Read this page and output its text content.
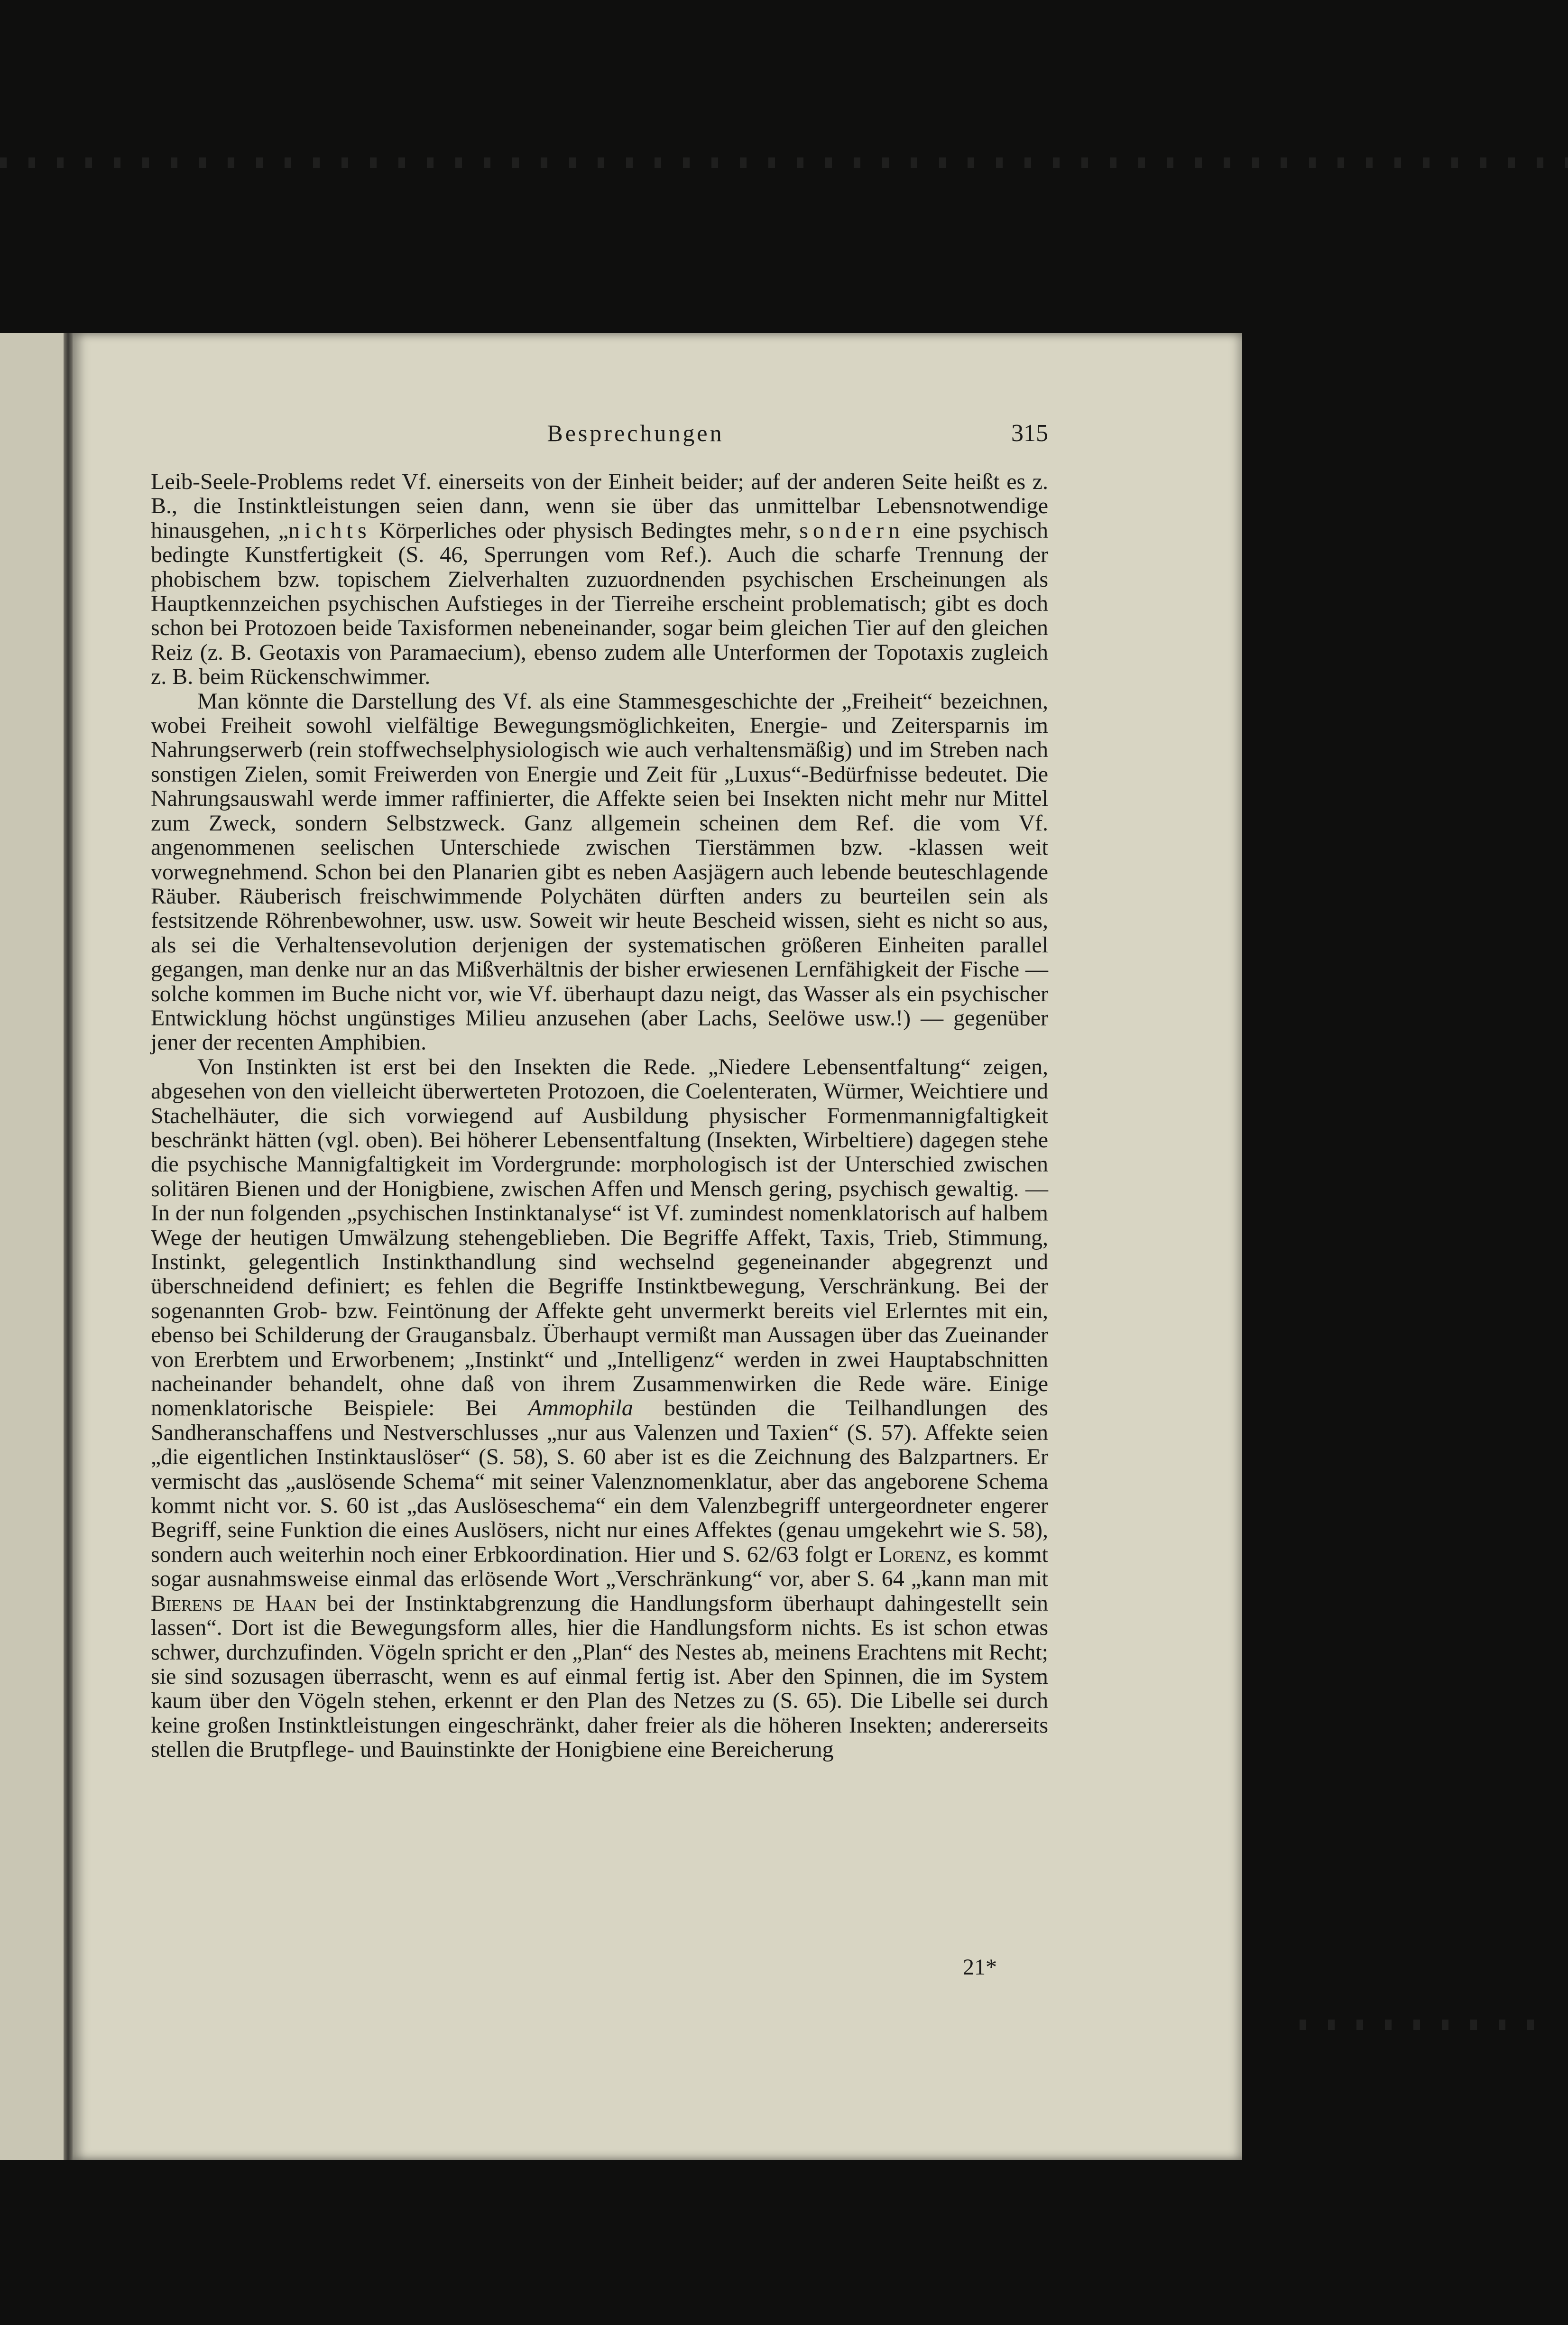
Besprechungen	315

Leib-Seele-Problems redet Vf. einerseits von der Einheit beider; auf der anderen Seite heißt es z. B., die Instinktleistungen seien dann, wenn sie über das unmittelbar Lebensnotwendige hinausgehen, „nichts Körperliches oder physisch Bedingtes mehr, sondern eine psychisch bedingte Kunstfertigkeit (S. 46, Sperrungen vom Ref.). Auch die scharfe Trennung der phobischem bzw. topischem Zielverhalten zuzuordnenden psychischen Erscheinungen als Hauptkennzeichen psychischen Aufstieges in der Tierreihe erscheint problematisch; gibt es doch schon bei Protozoen beide Taxisformen nebeneinander, sogar beim gleichen Tier auf den gleichen Reiz (z. B. Geotaxis von Paramaecium), ebenso zudem alle Unterformen der Topotaxis zugleich z. B. beim Rückenschwimmer.

Man könnte die Darstellung des Vf. als eine Stammesgeschichte der „Freiheit“ bezeichnen, wobei Freiheit sowohl vielfältige Bewegungsmöglichkeiten, Energie- und Zeitersparnis im Nahrungserwerb (rein stoffwechselphysiologisch wie auch verhaltensmäßig) und im Streben nach sonstigen Zielen, somit Freiwerden von Energie und Zeit für „Luxus“-Bedürfnisse bedeutet. Die Nahrungsauswahl werde immer raffinierter, die Affekte seien bei Insekten nicht mehr nur Mittel zum Zweck, sondern Selbstzweck. Ganz allgemein scheinen dem Ref. die vom Vf. angenommenen seelischen Unterschiede zwischen Tierstämmen bzw. -klassen weit vorwegnehmend. Schon bei den Planarien gibt es neben Aasjägern auch lebende beuteschlagende Räuber. Räuberisch freischwimmende Polychäten dürften anders zu beurteilen sein als festsitzende Röhrenbewohner, usw. usw. Soweit wir heute Bescheid wissen, sieht es nicht so aus, als sei die Verhaltensevolution derjenigen der systematischen größeren Einheiten parallel gegangen, man denke nur an das Mißverhältnis der bisher erwiesenen Lernfähigkeit der Fische — solche kommen im Buche nicht vor, wie Vf. überhaupt dazu neigt, das Wasser als ein psychischer Entwicklung höchst ungünstiges Milieu anzusehen (aber Lachs, Seelöwe usw.!) — gegenüber jener der recenten Amphibien.

Von Instinkten ist erst bei den Insekten die Rede. „Niedere Lebensentfaltung“ zeigen, abgesehen von den vielleicht überwerteten Protozoen, die Coelenteraten, Würmer, Weichtiere und Stachelhäuter, die sich vorwiegend auf Ausbildung physischer Formenmannigfaltigkeit beschränkt hätten (vgl. oben). Bei höherer Lebensentfaltung (Insekten, Wirbeltiere) dagegen stehe die psychische Mannigfaltigkeit im Vordergrunde: morphologisch ist der Unterschied zwischen solitären Bienen und der Honigbiene, zwischen Affen und Mensch gering, psychisch gewaltig. — In der nun folgenden „psychischen Instinktanalyse“ ist Vf. zumindest nomenklatorisch auf halbem Wege der heutigen Umwälzung stehengeblieben. Die Begriffe Affekt, Taxis, Trieb, Stimmung, Instinkt, gelegentlich Instinkthandlung sind wechselnd gegeneinander abgegrenzt und überschneidend definiert; es fehlen die Begriffe Instinktbewegung, Verschränkung. Bei der sogenannten Grob- bzw. Feintönung der Affekte geht unvermerkt bereits viel Erlerntes mit ein, ebenso bei Schilderung der Graugansbalz. Überhaupt vermißt man Aussagen über das Zueinander von Ererbtem und Erworbenem; „Instinkt“ und „Intelligenz“ werden in zwei Hauptabschnitten nacheinander behandelt, ohne daß von ihrem Zusammenwirken die Rede wäre. Einige nomenklatorische Beispiele: Bei Ammophila bestünden die Teilhandlungen des Sandheranschaffens und Nestverschlusses „nur aus Valenzen und Taxien“ (S. 57). Affekte seien „die eigentlichen Instinktauslöser“ (S. 58), S. 60 aber ist es die Zeichnung des Balzpartners. Er vermischt das „auslösende Schema“ mit seiner Valenznomenklatur, aber das angeborene Schema kommt nicht vor. S. 60 ist „das Auslöseschema“ ein dem Valenzbegriff untergeordneter engerer Begriff, seine Funktion die eines Auslösers, nicht nur eines Affektes (genau umgekehrt wie S. 58), sondern auch weiterhin noch einer Erbkoordination. Hier und S. 62/63 folgt er Lorenz, es kommt sogar ausnahmsweise einmal das erlösende Wort „Verschränkung“ vor, aber S. 64 „kann man mit Bierens de Haan bei der Instinktabgrenzung die Handlungsform überhaupt dahingestellt sein lassen“. Dort ist die Bewegungsform alles, hier die Handlungsform nichts. Es ist schon etwas schwer, durchzufinden. Vögeln spricht er den „Plan“ des Nestes ab, meinens Erachtens mit Recht; sie sind sozusagen überrascht, wenn es auf einmal fertig ist. Aber den Spinnen, die im System kaum über den Vögeln stehen, erkennt er den Plan des Netzes zu (S. 65). Die Libelle sei durch keine großen Instinktleistungen eingeschränkt, daher freier als die höheren Insekten; andererseits stellen die Brutpflege- und Bauinstinkte der Honigbiene eine Bereicherung

21*
